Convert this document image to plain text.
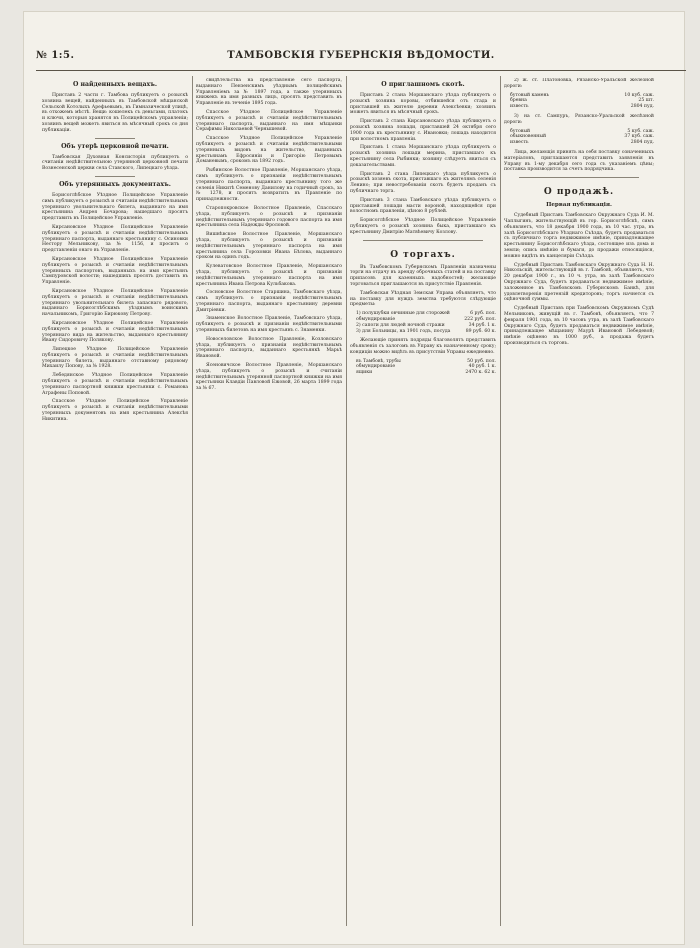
№ 1:5.	ТАМБОВСКІЯ ГУБЕРНСКІЯ ВѢДОМОСТИ.
О найденныхъ вещахъ.

Приставъ 2 части г. Тамбова публикуетъ о розыскѣ хозяина вещей, найденныхъ въ Тамбовской мѣщанской Сельской Котолыхъ Арефьевымъ, въ Гимназической улицѣ, въ отхожемъ мѣстѣ. Вещи: кошелекъ съ деньгами, платокъ и ключи, которыя хранятся въ Полицейскомъ управленіи; хозяинъ вещей можетъ явиться въ мѣсячный срокъ со дня публикаціи.

Объ утерѣ церковной печати.

Тамбовская Духовная Консисторія публикуетъ о считаніи недѣйствительною утерянной церковной печати Вознесенской церкви села Ставского, Липецкаго уѣзда.

Объ утерянныхъ документахъ.

Борисоглѣбское Уѣздное Полицейское Управленіе симъ публикуетъ о розыскѣ и считаніи недѣйствительнымъ утеряннаго увольнительнаго билета, выданнаго на имя крестьянина Андрея Бочарова; нашедшаго просятъ представить въ Полицейское Управленіе.

Кирсановское Уѣздное Полицейское Управленіе публикуетъ о розыскѣ и считаніи недѣйствительнымъ утеряннаго паспорта, выданнаго крестьянину с. Осиновки Нестору Мельникову, за № 1156, и проситъ о представленіи онаго въ Управленіе.

Кирсановское Уѣздное Полицейское Управленіе публикуетъ о розыскѣ и считаніи недѣйствительнымъ утерянныхъ паспортовъ, выданныхъ на имя крестьянъ Сампуровской волости; нашедшихъ просятъ доставить въ Управленіе.

Кирсановское Уѣздное Полицейское Управленіе публикуетъ о розыскѣ и считаніи недѣйствительнымъ утеряннаго увольнительнаго билета запаснаго рядового, выданнаго Борисоглѣбскимъ уѣзднымъ воинскимъ начальникомъ, Григорію Бирюкову Петрову.

Кирсановское Уѣздное Полицейское Управленіе публикуетъ о розыскѣ и считаніи недѣйствительнымъ утеряннаго вида на жительство, выданнаго крестьянину Ивану Сидоровичу Полякову.

Липецкое Уѣздное Полицейское Управленіе публикуетъ о розыскѣ и считаніи недѣйствительнымъ утеряннаго билета, выданнаго отставному рядовому Михаилу Попову, за № 1928.

Лебедянское Уѣздное Полицейское Управленіе публикуетъ о розыскѣ и считаніи недѣйствительнымъ утеряннаго паспортной книжки крестьянки с. Романова Аграфены Поповой.

Спасское Уѣздное Полицейское Управленіе публикуетъ о розыскѣ и считаніи недѣйствительными утерянныхъ документовъ на имя крестьянина Алексѣя Никитина.

свидѣтельства на представленіе сего паспорта, выданнаго Пензенскимъ уѣзднымъ полицейскимъ Управленіемъ за № 1897 года, а также утерянныхъ книжекъ на имя разныхъ лицъ, просятъ представить въ Управленіе въ теченіе 1895 года.

Спасское Уѣздное Полицейское Управленіе публикуетъ о розыскѣ и считаніи недѣйствительнымъ утеряннаго паспорта, выданнаго на имя мѣщанки Серафимы Николаевой Чернышевой.

Спасское Уѣздное Полицейское Управленіе публикуетъ о розыскѣ и считаніи недѣйствительными утерянныхъ видовъ на жительство, выданныхъ крестьянамъ Ефросиніи и Григорію Петровымъ Доманевымъ, срокомъ на 1892 годъ.

Рыбинское Волостное Правленіе, Моршанскаго уѣзда, симъ публикуетъ о признаніи недѣйствительнымъ утеряннаго паспорта, выданнаго крестьянину того же селенія Никитѣ Семенову Данилову на годичный срокъ, за № 1278, и проситъ возвратить въ Правленіе по принадлежности.

Старопокровское Волостное Правленіе, Спасскаго уѣзда, публикуетъ о розыскѣ и признаніи недѣйствительнымъ утеряннаго годового паспорта на имя крестьянина села Надежды Фроловой.

Вишнѣвское Волостное Правленіе, Моршанскаго уѣзда, публикуетъ о розыскѣ и признаніи недѣйствительнымъ утеряннаго паспорта на имя крестьянина села Гороховки Ивана Бѣлова, выданнаго сроком на одинъ годъ.

Кулеватовское Волостное Правленіе, Моршанскаго уѣзда, публикуетъ о розыскѣ и признаніи недѣйствительнымъ утеряннаго паспорта на имя крестьянина Ивана Петрова Кульбакова.

Сосновское Волостное Старшина, Тамбовскаго уѣзда, симъ публикуетъ о признаніи недѣйствительнымъ утеряннаго паспорта, выданнаго крестьянину деревни Дмитріевки.

Знаменское Волостное Правленіе, Тамбовскаго уѣзда, публикуетъ о розыскѣ и признаніи недѣйствительными утерянныхъ билетовъ на имя крестьянъ с. Знаменки.

Новоселовское Волостное Правленіе, Козловскаго уѣзда, публикуетъ о признаніи недѣйствительнымъ утеряннаго паспорта, выданнаго крестьянкѣ Марьѣ Ивановой.

Ясеновичское Волостное Правленіе, Моршанскаго уѣзда, публикуетъ о розыскѣ и считаніи недѣйствительнымъ утерянной паспортной книжки на имя крестьянки Клавдіи Павловой Ежовой, 26 марта 1899 года за № 67.

О приглашномъ скотѣ.

Приставъ 2 стана Моршанскаго уѣзда публикуетъ о розыскѣ хозяина коровы, отбившейся отъ стада и приставшей къ жителю деревни Алексѣевки; хозяинъ можетъ явиться въ мѣсячный срокъ.

Приставъ 2 стана Кирсановскаго уѣзда публикуетъ о розыскѣ хозяина лошади, приставшей 24 октября сего 1900 года къ крестьянину с. Ивановки; лошадь находится при волостномъ правленіи.

Приставъ 1 стана Моршанскаго уѣзда публикуетъ о розыскѣ хозяина лошади мерина, приставшаго къ крестьянину села Рыбинки; хозяину слѣдуетъ явиться съ доказательствами.

Приставъ 2 стана Липецкаго уѣзда публикуетъ о розыскѣ хозяевъ скота, приставшаго къ жителямъ селенія Ленино; при невостребованіи скотъ будетъ проданъ съ публичнаго торга.

Приставъ 3 стана Тамбовскаго уѣзда публикуетъ о приставшей лошади масти вороной, находящейся при волостномъ правленіи, цѣною 8 рублей.

Борисоглѣбское Уѣздное Полицейское Управленіе публикуетъ о розыскѣ хозяина быка, приставшаго къ крестьянину Дмитрію Матвѣевичу Козлову.

О торгахъ.

Въ Тамбовскомъ Губернскомъ Правленіи назначены торги на отдачу въ аренду оброчныхъ статей и на поставку припасовъ для казенныхъ надобностей; желающіе торговаться приглашаются въ присутствіе Правленія.

Тамбовская Уѣздная Земская Управа объявляетъ, что на поставку для нуждъ земства требуются слѣдующіе предметы:

1) полушубки овчинные для сторожей	6 руб. пол.
обмундированіе	222 руб. пол.
2) сапоги для людей ночной стражи	34 руб. 1 к.
3) для Больницы, на 1901 годъ, посуда	89 руб. 60 к.

Желающіе принять подряды благоволятъ представить объявленія съ залогомъ въ Управу къ назначенному сроку; кондиціи можно видѣть въ присутствіи Управы ежедневно.

въ Тамбовѣ, трубы	50 руб. пол.
обмундированіе	40 руб. 1 к.
ящики	2470 к. 62 к.

2) ж. ст. Платоновка, Рязанско-Уральской железной дороги:

бутовый камень	10 куб. саж.
бревна	25 шт.
известь	2804 пуд.

3) на ст. Сампуръ, Рязанско-Уральской желѣзной дороги:

бутовый	5 куб. саж.
обыкновенный	37 куб. саж.
известь	2804 пуд.

Лица, желающія принять на себя поставку означенныхъ матеріаловъ, приглашаются представить заявленія въ Управу въ 1-му декабря сего года съ указаніемъ цѣны; поставка производится за счетъ подрядчика.

О продажѣ.
Первая публикація.

Судебный Приставъ Тамбовскаго Окружнаго Суда И. М. Чаплыгинъ, жительствующій въ гор. Борисоглѣбскѣ, симъ объявляетъ, что 18 декабря 1900 года, въ 10 час. утра, въ залѣ Борисоглѣбскаго Уѣзднаго Съѣзда, будетъ продаваться съ публичнаго торга недвижимое имѣніе, принадлежащее крестьянину Борисоглѣбскаго уѣзда, состоящее изъ дома и земли; опись имѣнію и бумаги, до продажи относящіяся, можно видѣть въ канцеляріи Съѣзда.

Судебный Приставъ Тамбовскаго Окружнаго Суда Н. Н. Никольскій, жительствующій въ г. Тамбовѣ, объявляетъ, что 20 декабря 1900 г., въ 10 ч. утра, въ залѣ Тамбовскаго Окружнаго Суда, будетъ продаваться недвижимое имѣніе, заложенное въ Тамбовскомъ Губернскомъ Банкѣ, для удовлетворенія претензій кредиторовъ; торгъ начнется съ оцѣночной суммы.

Судебный Приставъ при Тамбовскомъ Окружномъ Судѣ Мельниковъ, живущій въ г. Тамбовѣ, объявляетъ, что 7 февраля 1901 года, въ 10 часовъ утра, въ залѣ Тамбовскаго Окружнаго Суда, будетъ продаваться недвижимое имѣніе, принадлежащее мѣщанину Маурѣ Ивановой Лебедевой; имѣніе оцѣнено въ 1000 руб., а продажа будетъ производиться съ торговъ.
